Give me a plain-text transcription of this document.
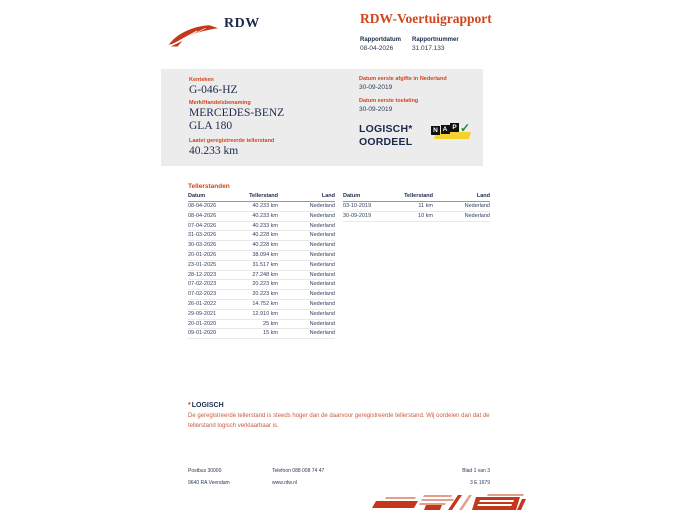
RDW	RDW-Voertuigrapport
Rapportdatum
08-04-2026
Rapportnummer
31.017.133
Kenteken
G-046-HZ
Merk/Handelsbenaming
MERCEDES-BENZ
GLA 180
Laatst geregistreerde tellerstand
40.233 km
Datum eerste afgifte in Nederland
30-09-2019
Datum eerste toelating
30-09-2019
LOGISCH*
OORDEEL
N A P ✓
Tellerstanden
Datum	Tellerstand	Land
08-04-2026	40.233 km	Nederland
08-04-2026	40.233 km	Nederland
07-04-2026	40.233 km	Nederland
31-03-2026	40.228 km	Nederland
30-03-2026	40.228 km	Nederland
20-01-2026	38.094 km	Nederland
23-01-2025	31.517 km	Nederland
28-12-2023	27.248 km	Nederland
07-02-2023	20.223 km	Nederland
07-02-2023	20.223 km	Nederland
26-01-2022	14.752 km	Nederland
29-09-2021	12.910 km	Nederland
20-01-2020	25 km	Nederland
09-01-2020	15 km	Nederland
Datum	Tellerstand	Land
03-10-2019	11 km	Nederland
30-09-2019	10 km	Nederland
*LOGISCH
De geregistreerde tellerstand is steeds hoger dan de daarvoor geregistreerde tellerstand. Wij oordelen dan dat de tellerstand logisch verklaarbaar is.
Postbus 30000
9640 RA Veendam
Telefoon 088 008 74 47
www.rdw.nl
Blad 1 van 3
3 E 1679
